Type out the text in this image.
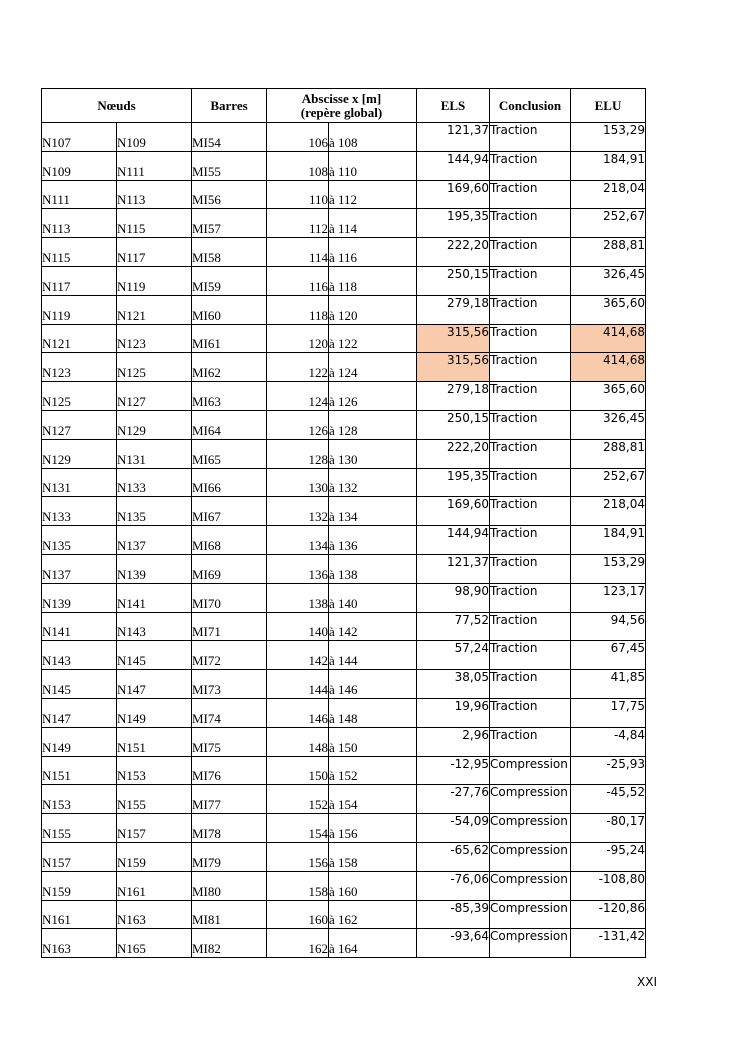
Nœuds		Barres	Abscisse x [m]
(repère global)		ELS	Conclusion	ELU
N107	N109	MI54	106	à 108	121,37	Traction	153,29
N109	N111	MI55	108	à 110	144,94	Traction	184,91
N111	N113	MI56	110	à 112	169,60	Traction	218,04
N113	N115	MI57	112	à 114	195,35	Traction	252,67
N115	N117	MI58	114	à 116	222,20	Traction	288,81
N117	N119	MI59	116	à 118	250,15	Traction	326,45
N119	N121	MI60	118	à 120	279,18	Traction	365,60
N121	N123	MI61	120	à 122	315,56	Traction	414,68
N123	N125	MI62	122	à 124	315,56	Traction	414,68
N125	N127	MI63	124	à 126	279,18	Traction	365,60
N127	N129	MI64	126	à 128	250,15	Traction	326,45
N129	N131	MI65	128	à 130	222,20	Traction	288,81
N131	N133	MI66	130	à 132	195,35	Traction	252,67
N133	N135	MI67	132	à 134	169,60	Traction	218,04
N135	N137	MI68	134	à 136	144,94	Traction	184,91
N137	N139	MI69	136	à 138	121,37	Traction	153,29
N139	N141	MI70	138	à 140	98,90	Traction	123,17
N141	N143	MI71	140	à 142	77,52	Traction	94,56
N143	N145	MI72	142	à 144	57,24	Traction	67,45
N145	N147	MI73	144	à 146	38,05	Traction	41,85
N147	N149	MI74	146	à 148	19,96	Traction	17,75
N149	N151	MI75	148	à 150	2,96	Traction	-4,84
N151	N153	MI76	150	à 152	-12,95	Compression	-25,93
N153	N155	MI77	152	à 154	-27,76	Compression	-45,52
N155	N157	MI78	154	à 156	-54,09	Compression	-80,17
N157	N159	MI79	156	à 158	-65,62	Compression	-95,24
N159	N161	MI80	158	à 160	-76,06	Compression	-108,80
N161	N163	MI81	160	à 162	-85,39	Compression	-120,86
N163	N165	MI82	162	à 164	-93,64	Compression	-131,42
XXI
